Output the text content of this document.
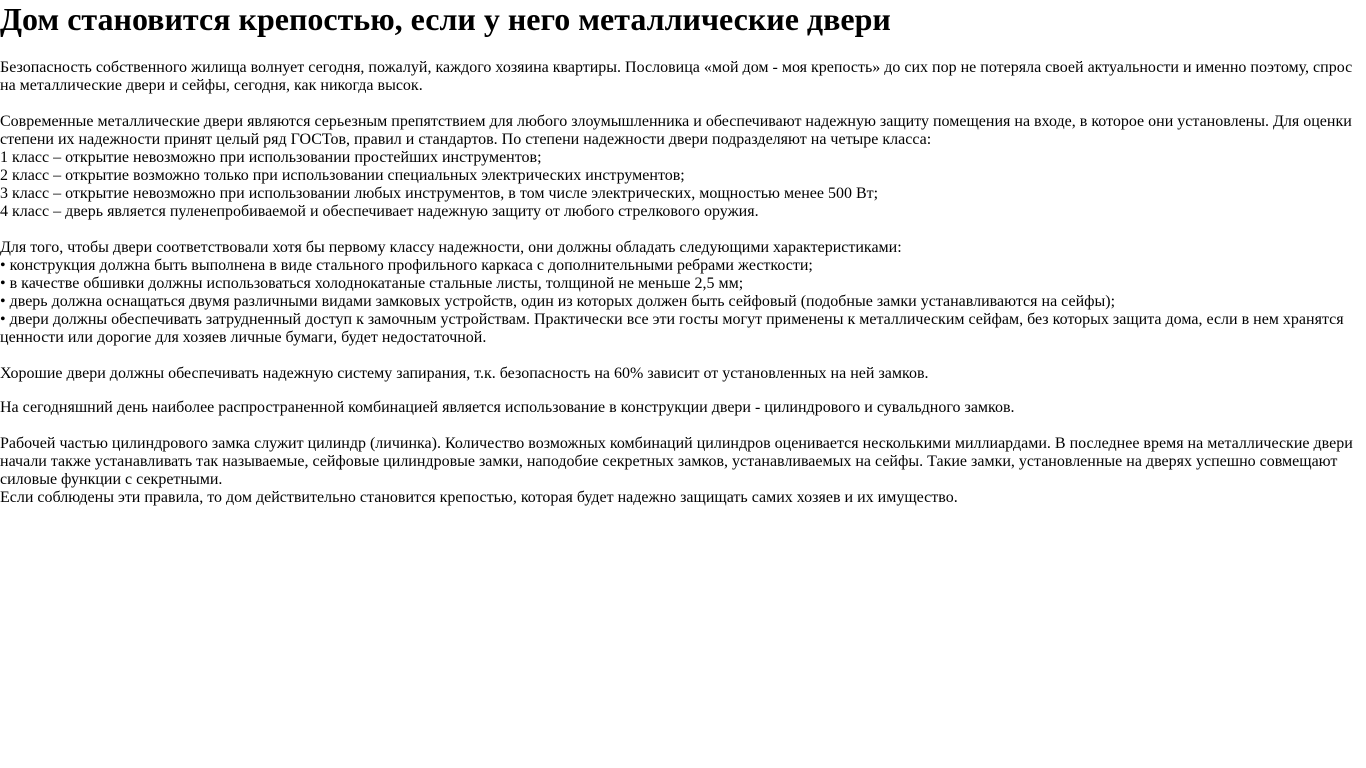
Дом становится крепостью, если у него металлические двери

Безопасность собственного жилища волнует сегодня, пожалуй, каждого хозяина квартиры. Пословица «мой дом - моя крепость» до сих пор не потеряла своей актуальности и именно поэтому, спрос на металлические двери и сейфы, сегодня, как никогда высок.

Современные металлические двери являются серьезным препятствием для любого злоумышленника и обеспечивают надежную защиту помещения на входе, в которое они установлены. Для оценки степени их надежности принят целый ряд ГОСТов, правил и стандартов. По степени надежности двери подразделяют на четыре класса:

1 класс – открытие невозможно при использовании простейших инструментов;
2 класс – открытие возможно только при использовании специальных электрических инструментов;
3 класс – открытие невозможно при использовании любых инструментов, в том числе электрических, мощностью менее 500 Вт;
4 класс – дверь является пуленепробиваемой и обеспечивает надежную защиту от любого стрелкового оружия.

Для того, чтобы двери соответствовали хотя бы первому классу надежности, они должны обладать следующими характеристиками:

• конструкция должна быть выполнена в виде стального профильного каркаса с дополнительными ребрами жесткости;
• в качестве обшивки должны использоваться холоднокатаные стальные листы, толщиной не меньше 2,5 мм;
• дверь должна оснащаться двумя различными видами замковых устройств, один из которых должен быть сейфовый (подобные замки устанавливаются на сейфы);
• двери должны обеспечивать затрудненный доступ к замочным устройствам. Практически все эти госты могут применены к металлическим сейфам, без которых защита дома, если в нем хранятся ценности или дорогие для хозяев личные бумаги, будет недостаточной.

Хорошие двери должны обеспечивать надежную систему запирания, т.к. безопасность на 60% зависит от установленных на ней замков.

На сегодняшний день наиболее распространенной комбинацией является использование в конструкции двери - цилиндрового и сувальдного замков.

Рабочей частью цилиндрового замка служит цилиндр (личинка). Количество возможных комбинаций цилиндров оценивается несколькими миллиардами. В последнее время на металлические двери начали также устанавливать так называемые, сейфовые цилиндровые замки, наподобие секретных замков, устанавливаемых на сейфы. Такие замки, установленные на дверях успешно совмещают силовые функции с секретными.

Если соблюдены эти правила, то дом действительно становится крепостью, которая будет надежно защищать самих хозяев и их имущество.
